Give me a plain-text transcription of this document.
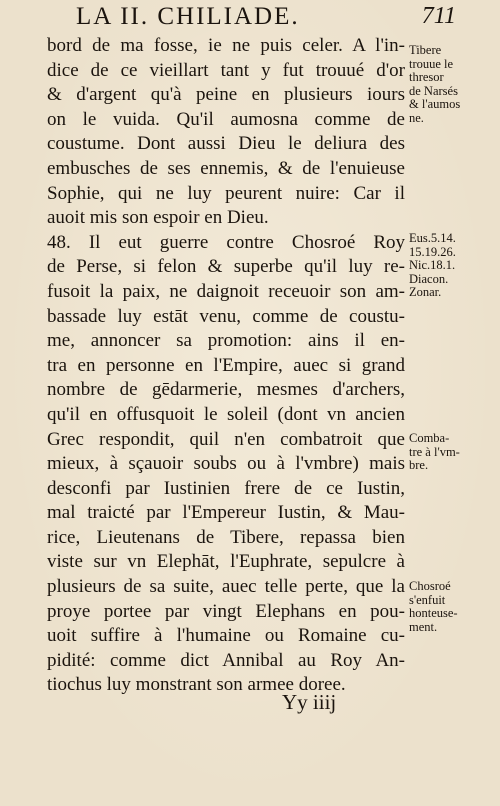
LA II. CHILIADE.	711
bord de ma fosse, ie ne puis celer. A l'in-
dice de ce vieillart tant y fut trouué d'or
& d'argent qu'à peine en plusieurs iours
on le vuida. Qu'il aumosna comme de
coustume. Dont aussi Dieu le deliura des
embusches de ses ennemis, & de l'enuieuse
Sophie, qui ne luy peurent nuire: Car il
auoit mis son espoir en Dieu.
48. Il eut guerre contre Chosroé Roy
de Perse, si felon & superbe qu'il luy re-
fusoit la paix, ne daignoit receuoir son am-
bassade luy estāt venu, comme de coustu-
me, annoncer sa promotion: ains il en-
tra en personne en l'Empire, auec si grand
nombre de gēdarmerie, mesmes d'archers,
qu'il en offusquoit le soleil (dont vn ancien
Grec respondit, quil n'en combatroit que
mieux, à sçauoir soubs ou à l'vmbre) mais
desconfi par Iustinien frere de ce Iustin,
mal traicté par l'Empereur Iustin, & Mau-
rice, Lieutenans de Tibere, repassa bien
viste sur vn Elephāt, l'Euphrate, sepulcre à
plusieurs de sa suite, auec telle perte, que la
proye portee par vingt Elephans en pou-
uoit suffire à l'humaine ou Romaine cu-
pidité: comme dict Annibal au Roy An-
tiochus luy monstrant son armee doree.
Yy iiij
Tibere
trouue le
thresor
de Narsés
& l'aumos
ne.
Eus.5.14.
15.19.26.
Nic.18.1.
Diacon.
Zonar.
Comba-
tre à l'vm-
bre.
Chosroé
s'enfuit
honteuse-
ment.
